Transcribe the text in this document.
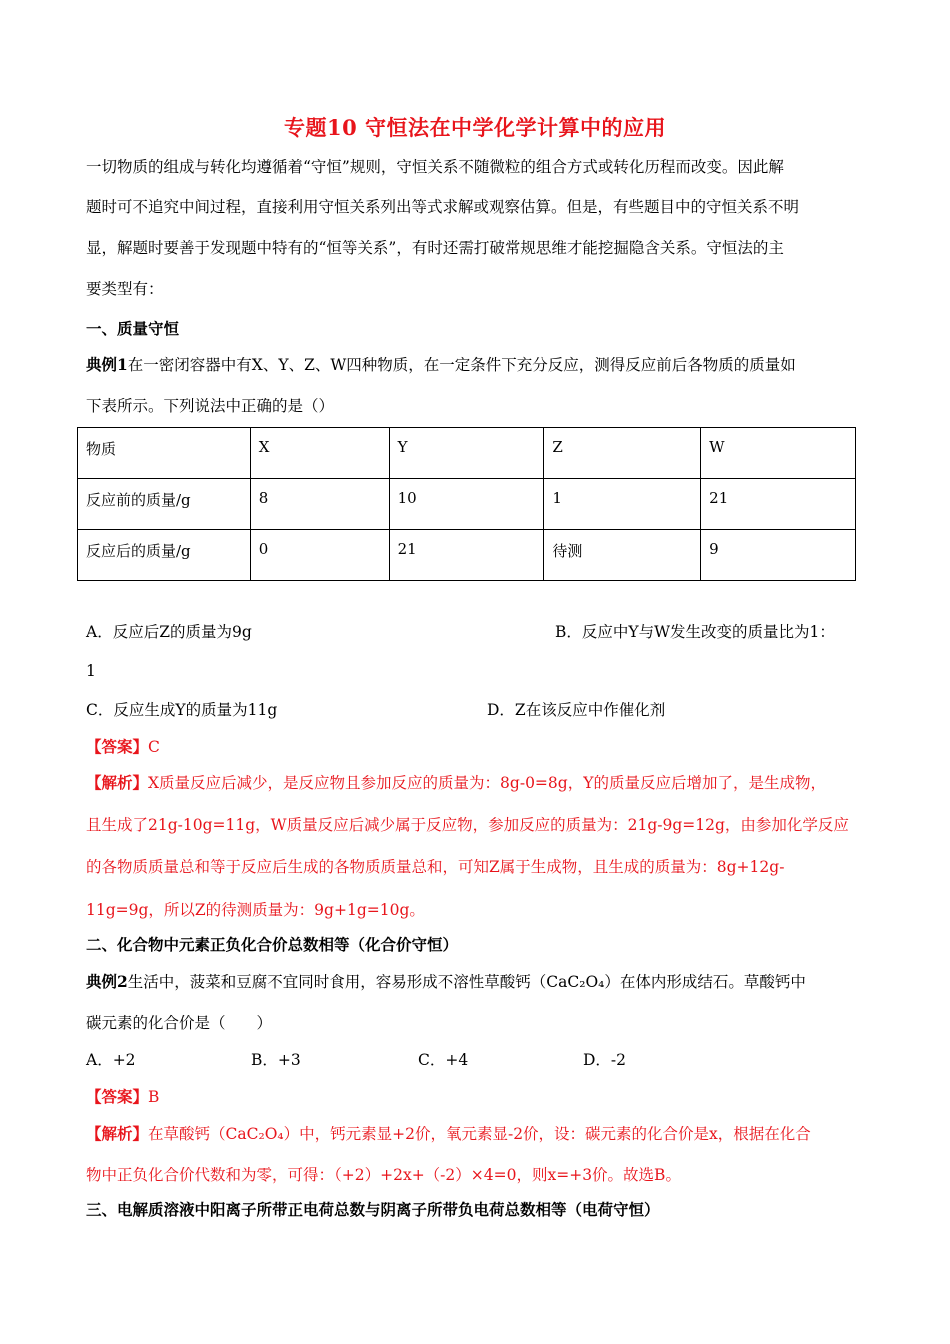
专题10 守恒法在中学化学计算中的应用
一切物质的组成与转化均遵循着“守恒”规则，守恒关系不随微粒的组合方式或转化历程而改变。因此解
题时可不追究中间过程，直接利用守恒关系列出等式求解或观察估算。但是，有些题目中的守恒关系不明
显，解题时要善于发现题中特有的“恒等关系”，有时还需打破常规思维才能挖掘隐含关系。守恒法的主
要类型有：
一、质量守恒
典例1在一密闭容器中有X、Y、Z、W四种物质，在一定条件下充分反应，测得反应前后各物质的质量如
下表所示。下列说法中正确的是（）
物质	X	Y	Z	W
反应前的质量/g	8	10	1	21
反应后的质量/g	0	21	待测	9
A．反应后Z的质量为9g	B．反应中Y与W发生改变的质量比为1：
1
C．反应生成Y的质量为11g	D．Z在该反应中作催化剂
【答案】C
【解析】X质量反应后减少，是反应物且参加反应的质量为：8g-0=8g，Y的质量反应后增加了，是生成物，
且生成了21g-10g=11g，W质量反应后减少属于反应物，参加反应的质量为：21g-9g=12g，由参加化学反应
的各物质质量总和等于反应后生成的各物质质量总和，可知Z属于生成物，且生成的质量为：8g+12g-
11g=9g，所以Z的待测质量为：9g+1g=10g。
二、化合物中元素正负化合价总数相等（化合价守恒）
典例2生活中，菠菜和豆腐不宜同时食用，容易形成不溶性草酸钙（CaC₂O₄）在体内形成结石。草酸钙中
碳元素的化合价是（　　）
A．+2	B．+3	C．+4	D．-2
【答案】B
【解析】在草酸钙（CaC₂O₄）中，钙元素显+2价，氧元素显-2价，设：碳元素的化合价是x，根据在化合
物中正负化合价代数和为零，可得：（+2）+2x+（-2）×4=0，则x=+3价。故选B。
三、电解质溶液中阳离子所带正电荷总数与阴离子所带负电荷总数相等（电荷守恒）
